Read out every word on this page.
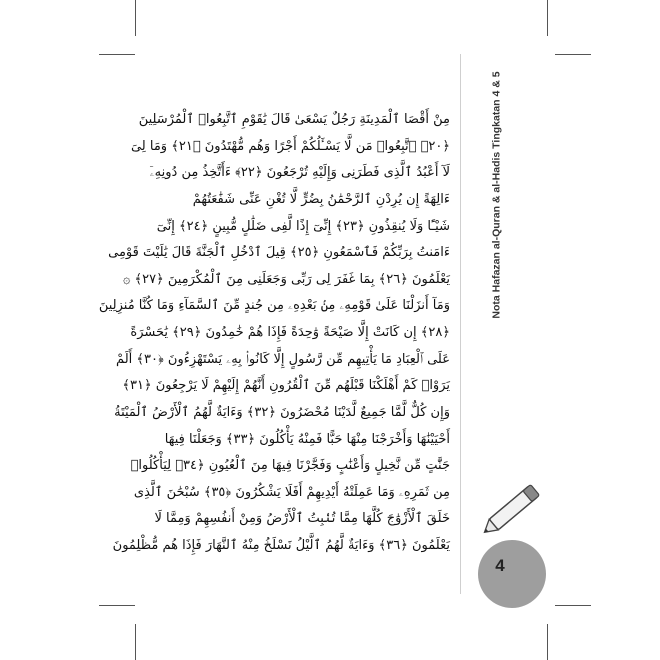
Nota Hafazan al-Quran & al-Hadis Tingkatan 4 & 5
مِنْ أَقْصَا ٱلْمَدِينَةِ رَجُلٌ يَسْعَىٰ قَالَ يَٰقَوْمِ ٱتَّبِعُوا۟ ٱلْمُرْسَلِينَ
﴿٢٠﴾ ٱتَّبِعُوا۟ مَن لَّا يَسْـَٔلُكُمْ أَجْرًا وَهُم مُّهْتَدُونَ ﴿٢١﴾ وَمَا لِىَ
لَآ أَعْبُدُ ٱلَّذِى فَطَرَنِى وَإِلَيْهِ تُرْجَعُونَ ﴿٢٢﴾ ءَأَتَّخِذُ مِن دُونِهِۦٓ
ءَالِهَةً إِن يُرِدْنِ ٱلرَّحْمَٰنُ بِضُرٍّ لَّا تُغْنِ عَنِّى شَفَٰعَتُهُمْ
شَيْـًٔا وَلَا يُنقِذُونِ ﴿٢٣﴾ إِنِّىٓ إِذًا لَّفِى ضَلَٰلٍ مُّبِينٍ ﴿٢٤﴾ إِنِّىٓ
ءَامَنتُ بِرَبِّكُمْ فَٱسْمَعُونِ ﴿٢٥﴾ قِيلَ ٱدْخُلِ ٱلْجَنَّةَ قَالَ يَٰلَيْتَ قَوْمِى
يَعْلَمُونَ ﴿٢٦﴾ بِمَا غَفَرَ لِى رَبِّى وَجَعَلَنِى مِنَ ٱلْمُكْرَمِينَ ﴿٢٧﴾ ۞
وَمَآ أَنزَلْنَا عَلَىٰ قَوْمِهِۦ مِنۢ بَعْدِهِۦ مِن جُندٍ مِّنَ ٱلسَّمَآءِ وَمَا كُنَّا مُنزِلِينَ
﴿٢٨﴾ إِن كَانَتْ إِلَّا صَيْحَةً وَٰحِدَةً فَإِذَا هُمْ خَٰمِدُونَ ﴿٢٩﴾ يَٰحَسْرَةً
عَلَى ٱلْعِبَادِ مَا يَأْتِيهِم مِّن رَّسُولٍ إِلَّا كَانُوا۟ بِهِۦ يَسْتَهْزِءُونَ ﴿٣٠﴾ أَلَمْ
يَرَوْا۟ كَمْ أَهْلَكْنَا قَبْلَهُم مِّنَ ٱلْقُرُونِ أَنَّهُمْ إِلَيْهِمْ لَا يَرْجِعُونَ ﴿٣١﴾
وَإِن كُلٌّ لَّمَّا جَمِيعٌ لَّدَيْنَا مُحْضَرُونَ ﴿٣٢﴾ وَءَايَةٌ لَّهُمُ ٱلْأَرْضُ ٱلْمَيْتَةُ
أَحْيَيْنَٰهَا وَأَخْرَجْنَا مِنْهَا حَبًّا فَمِنْهُ يَأْكُلُونَ ﴿٣٣﴾ وَجَعَلْنَا فِيهَا
جَنَّٰتٍ مِّن نَّخِيلٍ وَأَعْنَٰبٍ وَفَجَّرْنَا فِيهَا مِنَ ٱلْعُيُونِ ﴿٣٤﴾ لِيَأْكُلُوا۟
مِن ثَمَرِهِۦ وَمَا عَمِلَتْهُ أَيْدِيهِمْ أَفَلَا يَشْكُرُونَ ﴿٣٥﴾ سُبْحَٰنَ ٱلَّذِى
خَلَقَ ٱلْأَزْوَٰجَ كُلَّهَا مِمَّا تُنۢبِتُ ٱلْأَرْضُ وَمِنْ أَنفُسِهِمْ وَمِمَّا لَا
يَعْلَمُونَ ﴿٣٦﴾ وَءَايَةٌ لَّهُمُ ٱلَّيْلُ نَسْلَخُ مِنْهُ ٱلنَّهَارَ فَإِذَا هُم مُّظْلِمُونَ
4
